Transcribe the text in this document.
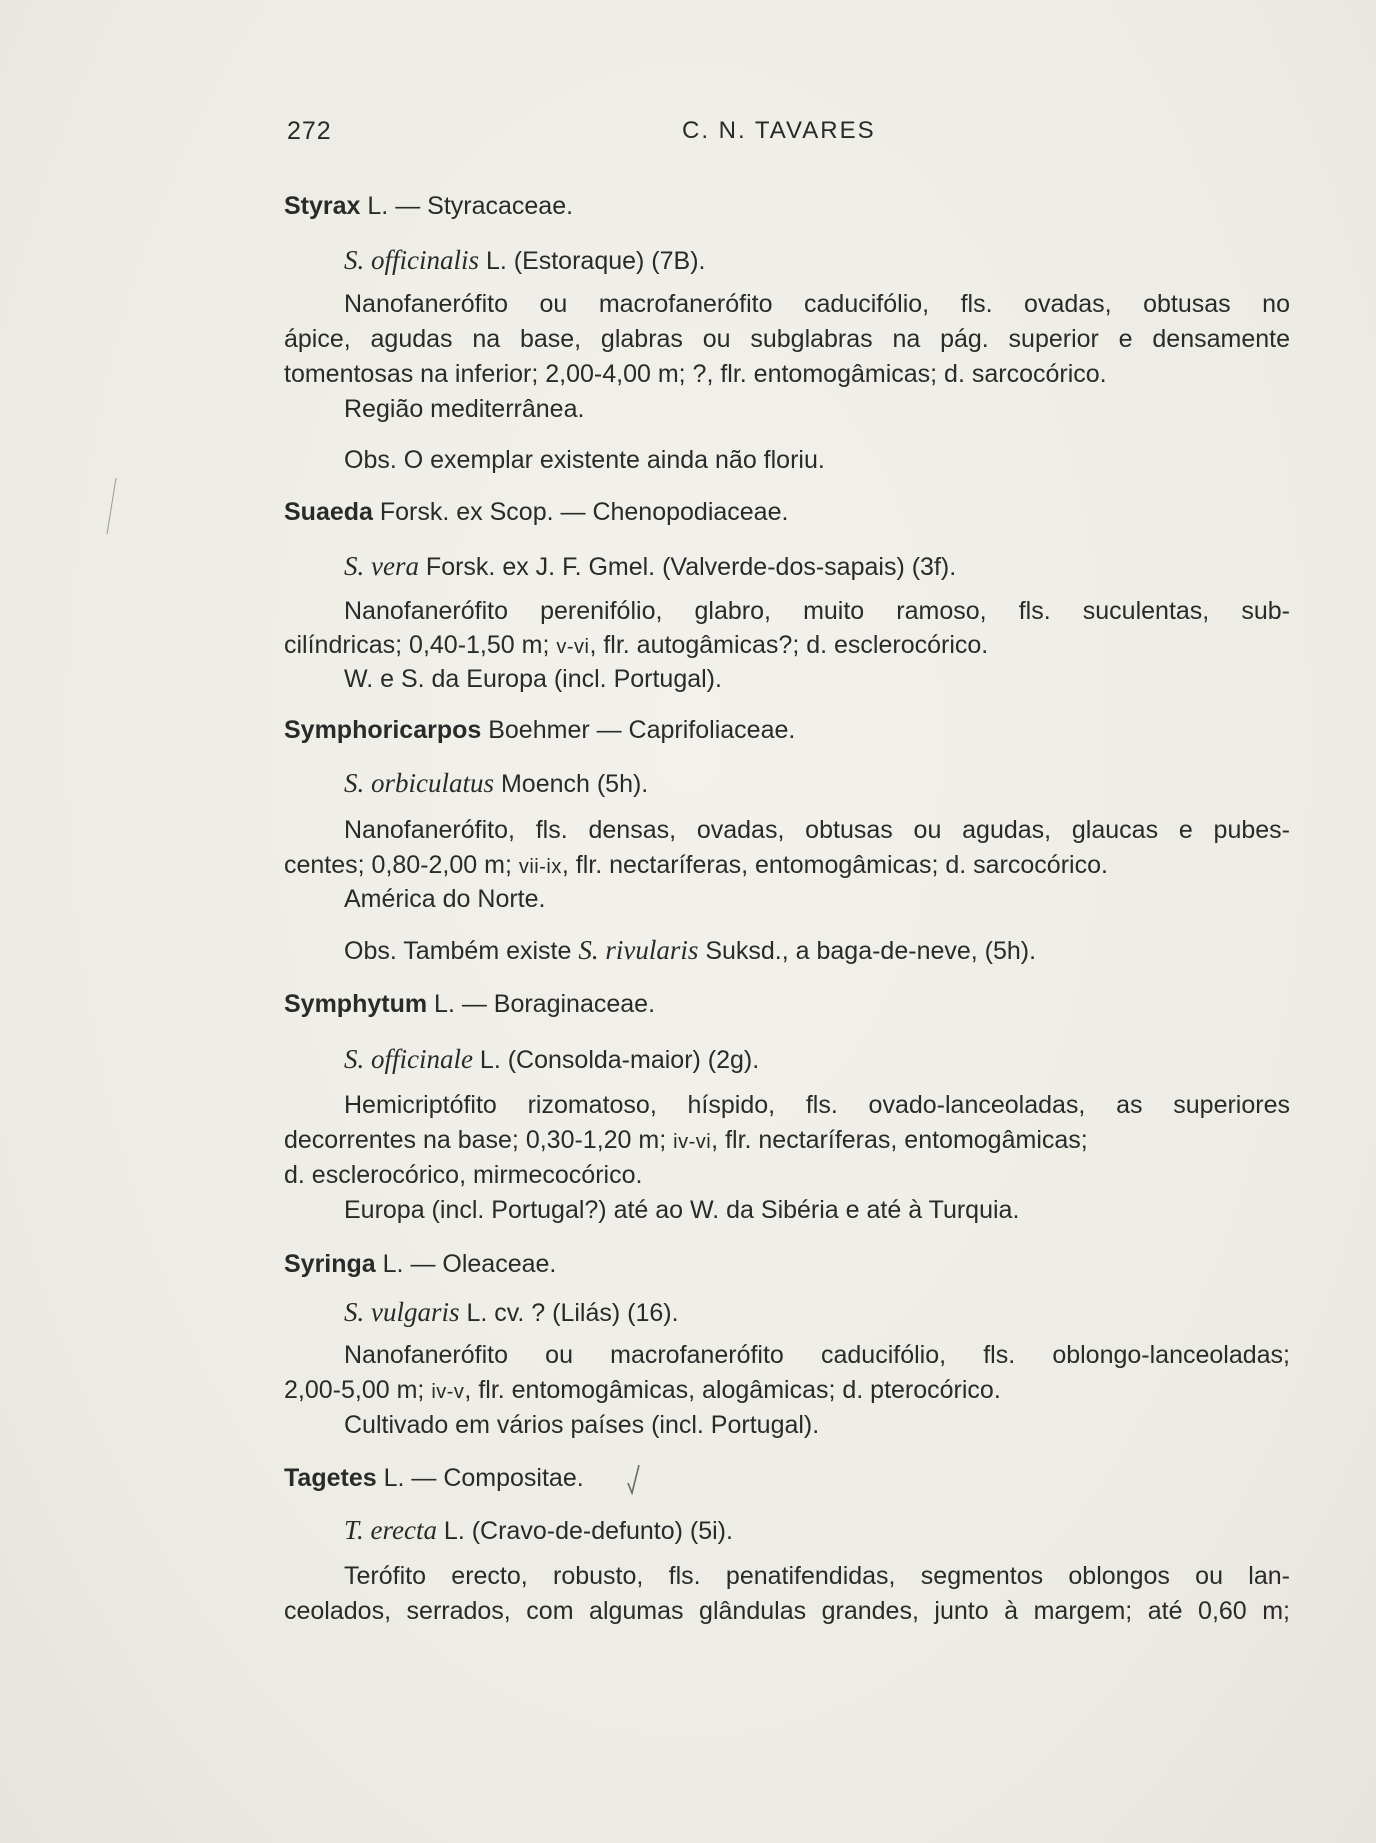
272	C. N. TAVARES
Styrax L. — Styracaceae.
S. officinalis L. (Estoraque) (7B).
Nanofanerófito ou macrofanerófito caducifólio, fls. ovadas, obtusas no
ápice, agudas na base, glabras ou subglabras na pág. superior e densamente
tomentosas na inferior; 2,00-4,00 m; ?, flr. entomogâmicas; d. sarcocórico.
Região mediterrânea.
Obs. O exemplar existente ainda não floriu.
Suaeda Forsk. ex Scop. — Chenopodiaceae.
S. vera Forsk. ex J. F. Gmel. (Valverde-dos-sapais) (3f).
Nanofanerófito perenifólio, glabro, muito ramoso, fls. suculentas, sub-
cilíndricas; 0,40-1,50 m; v-vi, flr. autogâmicas?; d. esclerocórico.
W. e S. da Europa (incl. Portugal).
Symphoricarpos Boehmer — Caprifoliaceae.
S. orbiculatus Moench (5h).
Nanofanerófito, fls. densas, ovadas, obtusas ou agudas, glaucas e pubes-
centes; 0,80-2,00 m; vii-ix, flr. nectaríferas, entomogâmicas; d. sarcocórico.
América do Norte.
Obs. Também existe S. rivularis Suksd., a baga-de-neve, (5h).
Symphytum L. — Boraginaceae.
S. officinale L. (Consolda-maior) (2g).
Hemicriptófito rizomatoso, híspido, fls. ovado-lanceoladas, as superiores
decorrentes na base; 0,30-1,20 m; iv-vi, flr. nectaríferas, entomogâmicas;
d. esclerocórico, mirmecocórico.
Europa (incl. Portugal?) até ao W. da Sibéria e até à Turquia.
Syringa L. — Oleaceae.
S. vulgaris L. cv. ? (Lilás) (16).
Nanofanerófito ou macrofanerófito caducifólio, fls. oblongo-lanceoladas;
2,00-5,00 m; iv-v, flr. entomogâmicas, alogâmicas; d. pterocórico.
Cultivado em vários países (incl. Portugal).
Tagetes L. — Compositae.
T. erecta L. (Cravo-de-defunto) (5i).
Terófito erecto, robusto, fls. penatifendidas, segmentos oblongos ou lan-
ceolados, serrados, com algumas glândulas grandes, junto à margem; até 0,60 m;
